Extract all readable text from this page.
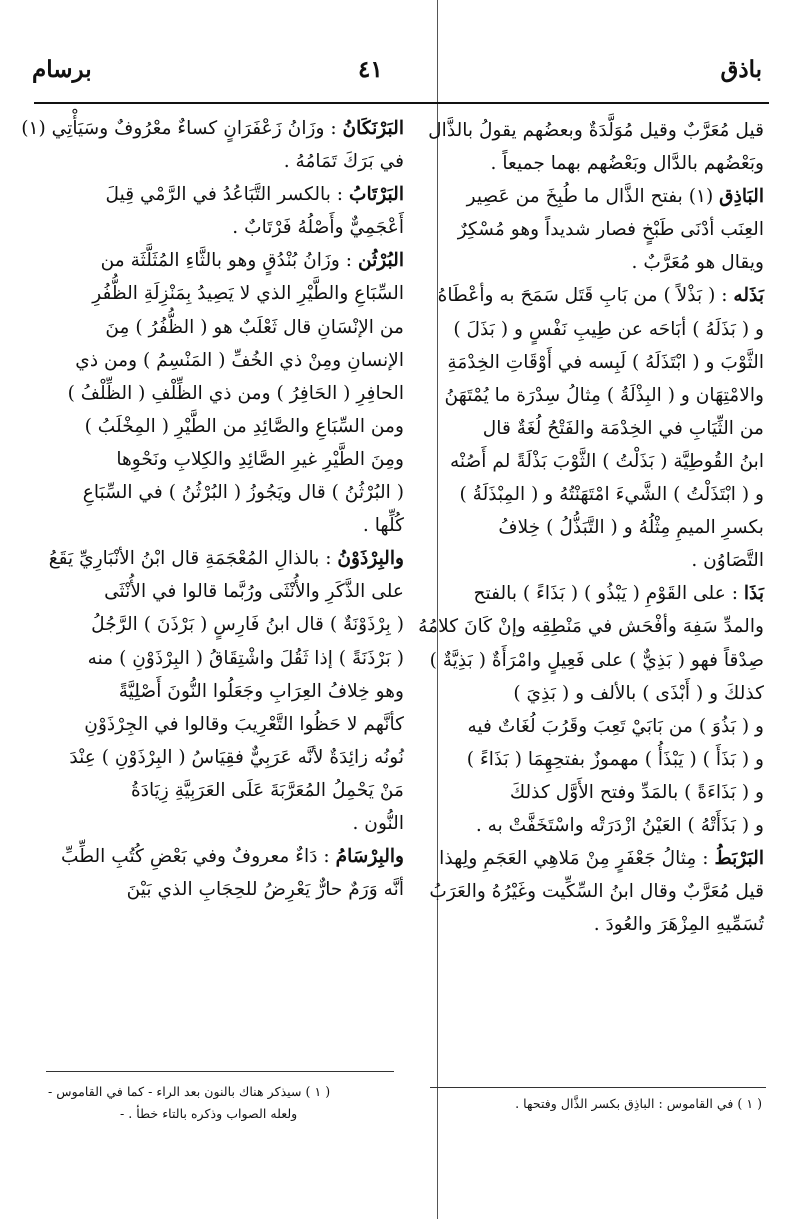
باذق
٤١
برسام
قيل مُعَرَّبٌ وقيل مُوَلَّدَةٌ وبعضُهم يقولُ بالذَّال
وبَعْضُهم بالدَّال وبَعْضُهم بهما جميعاً .
البَاذِق (١) بفتح الذَّال ما طُبِخَ من عَصِير
العِنَب أدْنَى طَبْخٍ فصار شديداً وهو مُسْكِرٌ
ويقال هو مُعَرَّبٌ .
بَذَله : ( بَذْلاً ) من بَابِ قَتَل سَمَحَ به وأعْطَاهُ
و ( بَذَلَهُ ) أبَاحَه عن طِيبِ نَفْسٍ و ( بَذَلَ )
الثَّوْبَ و ( ابْتَذَلَهُ ) لَبِسه في أَوْقَاتِ الخِدْمَةِ
والامْتِهَان و ( البِذْلَةُ ) مِثالُ سِدْرَة ما يُمْتَهَنُ
من الثِّيَابِ في الخِدْمَة والفَتْحُ لُغَةٌ قال
ابنُ القُوطِيَّة ( بَذَلْتُ ) الثَّوْبَ بَذْلَةً لم أَصُنْه
و ( ابْتَذَلْتُ ) الشَّيءَ امْتَهَنْتُهُ و ( المِبْذَلَةُ )
بكسرِ الميمِ مِثْلُهُ و ( التَّبَذُّلُ ) خِلافُ
التَّصَاوُن .
بَذَا : على القَوْمِ ( يَبْذُو ) ( بَذَاءً ) بالفتح
والمدِّ سَفِهَ وأفْحَش في مَنْطِقِه وإنْ كَانَ كلامُهُ
صِدْقاً فهو ( بَذِيٌّ ) على فَعِيلٍ وامْرَأَةٌ ( بَذِيَّةٌ )
كذلكَ و ( أَبْذَى ) بالألف و ( بَذِيَ )
و ( بَذُوَ ) من بَابَيْ تَعِبَ وقَرُبَ لُغَاتٌ فيه
و ( بَذَأَ ) ( يَبْذَأُ ) مهموزٌ بفتحِهِمَا ( بَذَاءً )
و ( بَذَاءَةً ) بالمَدِّ وفتح الأَوَّل كذلكَ
و ( بَذَأَتْهُ ) العَيْنُ ازْدَرَتْه واسْتَخَفَّتْ به .
البَرْبَطُ : مِثالُ جَعْفَرٍ مِنْ مَلاهِي العَجَمِ ولِهذا
قيل مُعَرَّبٌ وقال ابنُ السِّكِّيت وغَيْرُهُ والعَرَبُ
تُسَمِّيهِ المِزْهَرَ والعُودَ .
البَرْنَكَانُ : وزَانُ زَعْفَرَانٍ كساءٌ معْرُوفٌ وسَيَأْتِي (١)
في بَرَكَ تَمَامُهُ .
البَرْتَابُ : بالكسر التَّبَاعُدُ في الرَّمْي قِيلَ
أَعْجَمِيٌّ وأَصْلُهُ فَرْتَابٌ .
البُرْثُن : وزَانُ بُنْدُقٍ وهو بالثَّاءِ المُثَلَّثَة من
السِّبَاعِ والطَّيْرِ الذي لا يَصِيدُ بِمَنْزِلَةِ الظُّفُرِ
من الإنْسَانِ قال ثَعْلَبٌ هو ( الظُّفُرُ ) مِنَ
الإنسانِ ومِنْ ذي الخُفِّ ( المَنْسِمُ ) ومن ذي
الحافِرِ ( الحَافِرُ ) ومن ذي الظِّلْفِ ( الظِّلْفُ )
ومن السِّبَاعِ والصَّائِدِ من الطَّيْرِ ( المِخْلَبُ )
ومِنَ الطَّيْرِ غيرِ الصَّائِدِ والكِلابِ ونَحْوِها
( البُرْثُنُ ) قال ويَجُوزُ ( البُرْثُنُ ) في السِّبَاعِ
كُلِّها .
والبِرْذَوْنُ : بالذالِ المُعْجَمَةِ قال ابْنُ الأنْبَارِيِّ يَقَعُ
على الذَّكَرِ والأُنْثَى ورُبَّما قالوا في الأُنْثَى
( بِرْذَوْنَةٌ ) قال ابنُ فَارِسٍ ( بَرْذَنَ ) الرَّجُلُ
( بَرْذَنَةً ) إذا ثَقُلَ واشْتِقَاقُ ( البِرْذَوْنِ ) منه
وهو خِلافُ العِرَابِ وجَعَلُوا النُّونَ أَصْلِيَّةً
كأنَّهم لا حَظُوا التَّعْرِيبَ وقالوا في الجِرْذَوْنِ
نُونُه زائِدَةٌ لأنَّه عَرَبِيٌّ فقِيَاسُ ( البِرْذَوْنِ ) عِنْدَ
مَنْ يَحْمِلُ المُعَرَّبَةَ عَلَى العَرَبِيَّةِ زِيَادَةُ
النُّون .
والبِرْسَامُ : دَاءٌ معروفٌ وفي بَعْضِ كُتُبِ الطِّبِّ
أنَّه وَرَمٌ حارٌّ يَعْرِضُ للحِجَابِ الذي بَيْنَ
( ١ ) في القاموس : الباذِق بكسر الذَّال وفتحها .
( ١ ) سيذكر هناك بالنون بعد الراء - كما في القاموس -
ولعله الصواب وذكره بالتاء خطأ . -
